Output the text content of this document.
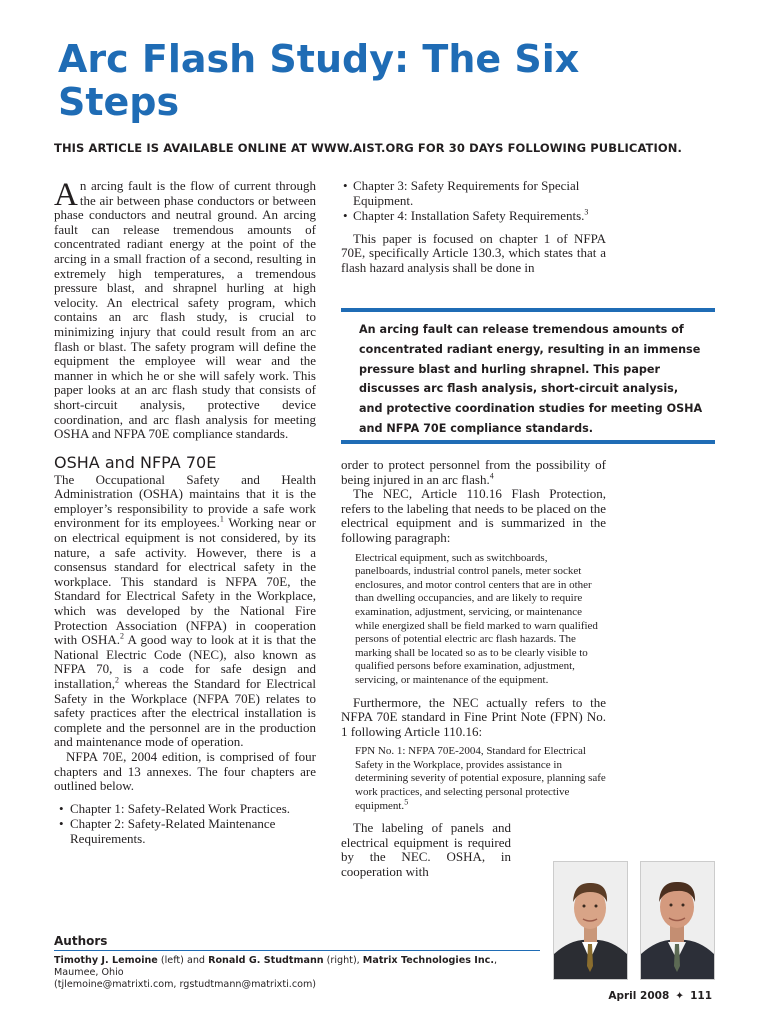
Arc Flash Study: The Six Steps
THIS ARTICLE IS AVAILABLE ONLINE AT WWW.AIST.ORG FOR 30 DAYS FOLLOWING PUBLICATION.

An arcing fault is the flow of current through the air between phase conductors or between phase conductors and neutral ground. An arcing fault can release tremendous amounts of concentrated radiant energy at the point of the arcing in a small fraction of a second, resulting in extremely high temperatures, a tremendous pressure blast, and shrapnel hurling at high velocity. An electrical safety program, which contains an arc flash study, is crucial to minimizing injury that could result from an arc flash or blast. The safety program will define the equipment the employee will wear and the manner in which he or she will safely work. This paper looks at an arc flash study that consists of short-circuit analysis, protective device coordination, and arc flash analysis for meeting OSHA and NFPA 70E compliance standards.

OSHA and NFPA 70E

The Occupational Safety and Health Administration (OSHA) maintains that it is the employer’s responsibility to provide a safe work environment for its employees.$^1$ Working near or on electrical equipment is not considered, by its nature, a safe activity. However, there is a consensus standard for electrical safety in the workplace. This standard is NFPA 70E, the Standard for Electrical Safety in the Workplace, which was developed by the National Fire Protection Association (NFPA) in cooperation with OSHA.$^2$ A good way to look at it is that the National Electric Code (NEC), also known as NFPA 70, is a code for safe design and installation,$^2$ whereas the Standard for Electrical Safety in the Workplace (NFPA 70E) relates to safety practices after the electrical installation is complete and the personnel are in the production and maintenance mode of operation.

NFPA 70E, 2004 edition, is comprised of four chapters and 13 annexes. The four chapters are outlined below.

• Chapter 1: Safety-Related Work Practices.
• Chapter 2: Safety-Related Maintenance Requirements.
• Chapter 3: Safety Requirements for Special Equipment.
• Chapter 4: Installation Safety Requirements.$^3$

This paper is focused on chapter 1 of NFPA 70E, specifically Article 130.3, which states that a flash hazard analysis shall be done in

An arcing fault can release tremendous amounts of concentrated radiant energy, resulting in an immense pressure blast and hurling shrapnel. This paper discusses arc flash analysis, short-circuit analysis, and protective coordination studies for meeting OSHA and NFPA 70E compliance standards.

order to protect personnel from the possibility of being injured in an arc flash.$^4$

The NEC, Article 110.16 Flash Protection, refers to the labeling that needs to be placed on the electrical equipment and is summarized in the following paragraph:

Electrical equipment, such as switchboards, panelboards, industrial control panels, meter socket enclosures, and motor control centers that are in other than dwelling occupancies, and are likely to require examination, adjustment, servicing, or maintenance while energized shall be field marked to warn qualified persons of potential electric arc flash hazards. The marking shall be located so as to be clearly visible to qualified persons before examination, adjustment, servicing, or maintenance of the equipment.

Furthermore, the NEC actually refers to the NFPA 70E standard in Fine Print Note (FPN) No. 1 following Article 110.16:

FPN No. 1: NFPA 70E-2004, Standard for Electrical Safety in the Workplace, provides assistance in determining severity of potential exposure, planning safe work practices, and selecting personal protective equipment.$^5$

The labeling of panels and electrical equipment is required by the NEC. OSHA, in cooperation with

Authors
Timothy J. Lemoine (left) and Ronald G. Studtmann (right), Matrix Technologies Inc., Maumee, Ohio
(tjlemoine@matrixti.com, rgstudtmann@matrixti.com)
April 2008 ✦ 111
